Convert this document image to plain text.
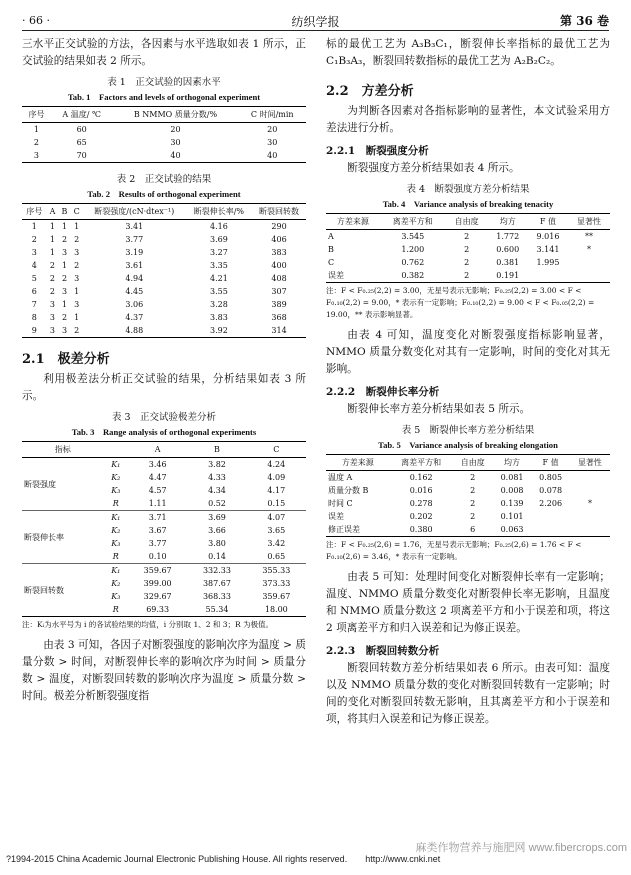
· 66 ·	纺织学报	第 36 卷

三水平正交试验的方法，各因素与水平选取如表 1 所示，正交试验的结果如表 2 所示。

表 1　正交试验的因素水平
Tab. 1　Factors and levels of orthogonal experiment
序号	A 温度/ ℃	B NMMO 质量分数/%	C 时间/min
1	60	20	20
2	65	30	30
3	70	40	40
表 2　正交试验的结果
Tab. 2　Results of orthogonal experiment
序号	A	B	C	断裂强度/(cN·dtex⁻¹)	断裂伸长率/%	断裂回转数
1	1	1	1	3.41	4.16	290
2	1	2	2	3.77	3.69	406
3	1	3	3	3.19	3.27	383
4	2	1	2	3.61	3.35	400
5	2	2	3	4.94	4.21	408
6	2	3	1	4.45	3.55	307
7	3	1	3	3.06	3.28	389
8	3	2	1	4.37	3.83	368
9	3	3	2	4.88	3.92	314
2.1　极差分析

利用极差法分析正交试验的结果，分析结果如表 3 所示。

表 3　正交试验极差分析
Tab. 3　Range analysis of orthogonal experiments
指标		A	B	C
断裂强度	K₁	3.46	3.82	4.24
	K₂	4.47	4.33	4.09
	K₃	4.57	4.34	4.17
	R	1.11	0.52	0.15
断裂伸长率	K₁	3.71	3.69	4.07
	K₂	3.67	3.66	3.65
	K₃	3.77	3.80	3.42
	R	0.10	0.14	0.65
断裂回转数	K₁	359.67	332.33	355.33
	K₂	399.00	387.67	373.33
	K₃	329.67	368.33	359.67
	R	69.33	55.34	18.00
注：Kᵢ为水平号为 i 的各试验结果的均值，i 分别取 1、2 和 3；R 为极值。

由表 3 可知，各因子对断裂强度的影响次序为温度 > 质量分数 > 时间，对断裂伸长率的影响次序为时间 > 质量分数 > 温度，对断裂回转数的影响次序为温度 > 质量分数 > 时间。极差分析断裂强度指

标的最优工艺为 A₃B₃C₁，断裂伸长率指标的最优工艺为 C₁B₃A₃，断裂回转数指标的最优工艺为 A₂B₂C₂。

2.2　方差分析

为判断各因素对各指标影响的显著性，本文试验采用方差法进行分析。

2.2.1　断裂强度分析

断裂强度方差分析结果如表 4 所示。

表 4　断裂强度方差分析结果
Tab. 4　Variance analysis of breaking tenacity
方差来源	离差平方和	自由度	均方	F 值	显著性
A	3.545	2	1.772	9.016	**
B	1.200	2	0.600	3.141	*
C	0.762	2	0.381	1.995	
误差	0.382	2	0.191		
注：F < F₀.₂₅(2,2) = 3.00，无星号表示无影响；F₀.₂₅(2,2) = 3.00 < F < F₀.₁₀(2,2) = 9.00，* 表示有一定影响；F₀.₁₀(2,2) = 9.00 < F < F₀.₀₅(2,2) = 19.00，** 表示影响显著。

由表 4 可知，温度变化对断裂强度指标影响显著，NMMO 质量分数变化对其有一定影响，时间的变化对其无影响。

2.2.2　断裂伸长率分析

断裂伸长率方差分析结果如表 5 所示。

表 5　断裂伸长率方差分析结果
Tab. 5　Variance analysis of breaking elongation
方差来源	离差平方和	自由度	均方	F 值	显著性
温度 A	0.162	2	0.081	0.805	
质量分数 B	0.016	2	0.008	0.078	
时间 C	0.278	2	0.139	2.206	*
误差	0.202	2	0.101		
修正误差	0.380	6	0.063		
注：F < F₀.₂₅(2,6) = 1.76，无星号表示无影响；F₀.₂₅(2,6) = 1.76 < F < F₀.₁₀(2,6) = 3.46，* 表示有一定影响。

由表 5 可知：处理时间变化对断裂伸长率有一定影响；温度、NMMO 质量分数变化对断裂伸长率无影响，且温度和 NMMO 质量分数这 2 项离差平方和小于误差和项，将这 2 项离差平方和归入误差和记为修正误差。

2.2.3　断裂回转数分析

断裂回转数方差分析结果如表 6 所示。由表可知：温度以及 NMMO 质量分数的变化对断裂回转数有一定影响；时间的变化对断裂回转数无影响，且其离差平方和小于误差和项，将其归入误差和记为修正误差。

?1994-2015 China Academic Journal Electronic Publishing House. All rights reserved.　　http://www.cnki.net
麻类作物营养与施肥网 www.fibercrops.com
